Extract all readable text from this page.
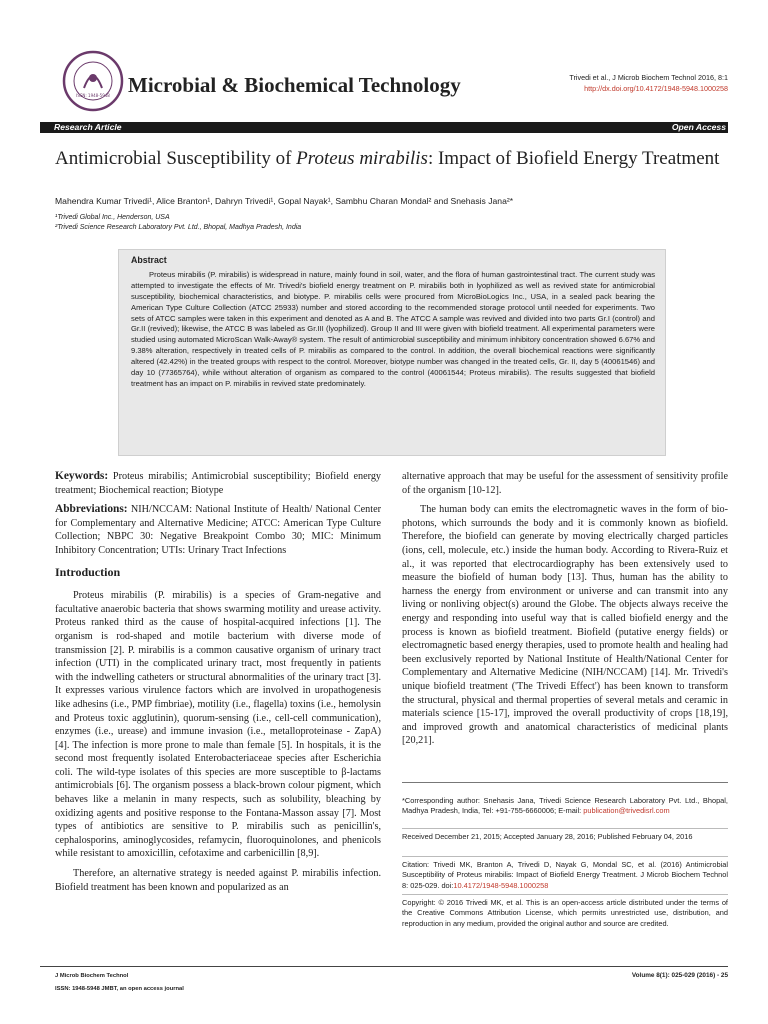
ISSN: 1948-5948 Microbial & Biochemical Technology	Trivedi et al., J Microb Biochem Technol 2016, 8:1
http://dx.doi.org/10.4172/1948-5948.1000258
Research Article	Open Access
Antimicrobial Susceptibility of Proteus mirabilis: Impact of Biofield Energy Treatment
Mahendra Kumar Trivedi¹, Alice Branton¹, Dahryn Trivedi¹, Gopal Nayak¹, Sambhu Charan Mondal² and Snehasis Jana²*
¹Trivedi Global Inc., Henderson, USA
²Trivedi Science Research Laboratory Pvt. Ltd., Bhopal, Madhya Pradesh, India
Abstract
Proteus mirabilis (P. mirabilis) is widespread in nature, mainly found in soil, water, and the flora of human gastrointestinal tract. The current study was attempted to investigate the effects of Mr. Trivedi's biofield energy treatment on P. mirabilis both in lyophilized as well as revived state for antimicrobial susceptibility, biochemical characteristics, and biotype. P. mirabilis cells were procured from MicroBioLogics Inc., USA, in a sealed pack bearing the American Type Culture Collection (ATCC 25933) number and stored according to the recommended storage protocol until needed for experiments. Two sets of ATCC samples were taken in this experiment and denoted as A and B. The ATCC A sample was revived and divided into two parts Gr.I (control) and Gr.II (revived); likewise, the ATCC B was labeled as Gr.III (lyophilized). Group II and III were given with biofield treatment. All experimental parameters were studied using automated MicroScan Walk-Away® system. The result of antimicrobial susceptibility and minimum inhibitory concentration showed 6.67% and 9.38% alteration, respectively in treated cells of P. mirabilis as compared to the control. In addition, the overall biochemical reactions were significantly altered (42.42%) in the treated groups with respect to the control. Moreover, biotype number was changed in the treated cells, Gr. II, day 5 (40061546) and day 10 (77365764), while without alteration of organism as compared to the control (40061544; Proteus mirabilis). The results suggested that biofield treatment has an impact on P. mirabilis in revived state predominately.

Keywords: Proteus mirabilis; Antimicrobial susceptibility; Biofield energy treatment; Biochemical reaction; Biotype

Abbreviations: NIH/NCCAM: National Institute of Health/ National Center for Complementary and Alternative Medicine; ATCC: American Type Culture Collection; NBPC 30: Negative Breakpoint Combo 30; MIC: Minimum Inhibitory Concentration; UTIs: Urinary Tract Infections

Introduction

Proteus mirabilis (P. mirabilis) is a species of Gram-negative and facultative anaerobic bacteria that shows swarming motility and urease activity. Proteus ranked third as the cause of hospital-acquired infections [1]. The organism is rod-shaped and motile bacterium with diverse mode of transmission [2]. P. mirabilis is a common causative organism of urinary tract infection (UTI) in the complicated urinary tract, most frequently in patients with the indwelling catheters or structural abnormalities of the urinary tract [3]. It expresses various virulence factors which are involved in uropathogenesis like adhesins (i.e., PMP fimbriae), motility (i.e., flagella) toxins (i.e., hemolysin and Proteus toxic agglutinin), quorum-sensing (i.e., cell-cell communication), enzymes (i.e., urease) and immune invasion (i.e., metalloproteinase - ZapA) [4]. The infection is more prone to male than female [5]. In hospitals, it is the second most frequently isolated Enterobacteriaceae species after Escherichia coli. The wild-type isolates of this species are more susceptible to β-lactams antimicrobials [6]. The organism possess a black-brown colour pigment, which behaves like a melanin in many respects, such as solubility, bleaching by oxidizing agents and positive response to the Fontana-Masson assay [7]. Most types of antibiotics are sensitive to P. mirabilis such as penicillin's, cephalosporins, aminoglycosides, refamycin, fluoroquinolones, and phenicols while resistant to amoxicillin, cefotaxime and carbenicillin [8,9].

Therefore, an alternative strategy is needed against P. mirabilis infection. Biofield treatment has been known and popularized as an

alternative approach that may be useful for the assessment of sensitivity profile of the organism [10-12].

The human body can emits the electromagnetic waves in the form of bio-photons, which surrounds the body and it is commonly known as biofield. Therefore, the biofield can generate by moving electrically charged particles (ions, cell, molecule, etc.) inside the human body. According to Rivera-Ruiz et al., it was reported that electrocardiography has been extensively used to measure the biofield of human body [13]. Thus, human has the ability to harness the energy from environment or universe and can transmit into any living or nonliving object(s) around the Globe. The objects always receive the energy and responding into useful way that is called biofield energy and the process is known as biofield treatment. Biofield (putative energy fields) or electromagnetic based energy therapies, used to promote health and healing had been exclusively reported by National Institute of Health/National Center for Complementary and Alternative Medicine (NIH/NCCAM) [14]. Mr. Trivedi's unique biofield treatment ('The Trivedi Effect') has been known to transform the structural, physical and thermal properties of several metals and ceramic in materials science [15-17], improved the overall productivity of crops [18,19], and improved growth and anatomical characteristics of medicinal plants [20,21].

*Corresponding author: Snehasis Jana, Trivedi Science Research Laboratory Pvt. Ltd., Bhopal, Madhya Pradesh, India, Tel: +91-755-6660006; E-mail: publication@trivedisrl.com
Received December 21, 2015; Accepted January 28, 2016; Published February 04, 2016
Citation: Trivedi MK, Branton A, Trivedi D, Nayak G, Mondal SC, et al. (2016) Antimicrobial Susceptibility of Proteus mirabilis: Impact of Biofield Energy Treatment. J Microb Biochem Technol 8: 025-029. doi:10.4172/1948-5948.1000258
Copyright: © 2016 Trivedi MK, et al. This is an open-access article distributed under the terms of the Creative Commons Attribution License, which permits unrestricted use, distribution, and reproduction in any medium, provided the original author and source are credited.
J Microb Biochem Technol
ISSN: 1948-5948 JMBT, an open access journal
Volume 8(1): 025-029 (2016) - 25
